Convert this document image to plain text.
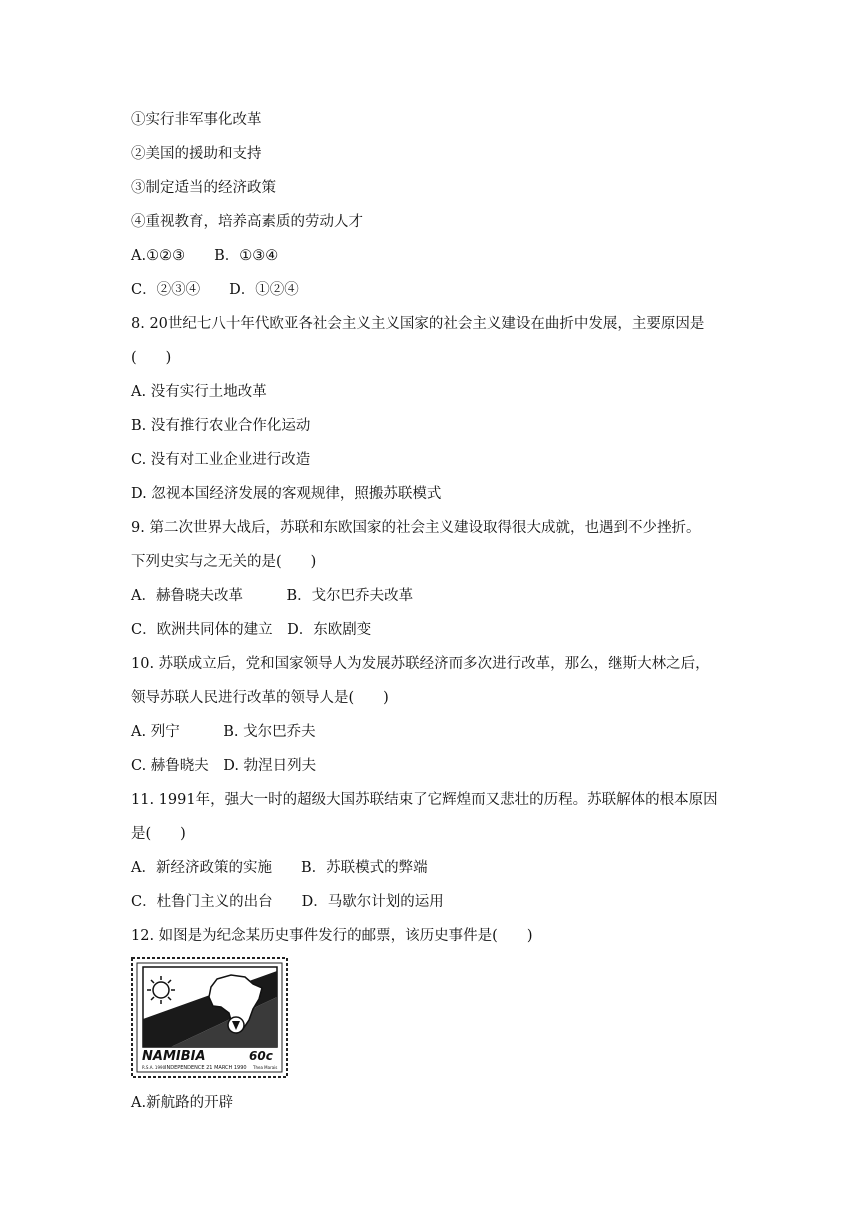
①实行非军事化改革
②美国的援助和支持
③制定适当的经济政策
④重视教育，培养高素质的劳动人才
A.①②③　　B．①③④
C．②③④　　D．①②④
8. 20世纪七八十年代欧亚各社会主义主义国家的社会主义建设在曲折中发展，主要原因是
(　　)
A. 没有实行土地改革
B. 没有推行农业合作化运动
C. 没有对工业企业进行改造
D. 忽视本国经济发展的客观规律，照搬苏联模式
9. 第二次世界大战后，苏联和东欧国家的社会主义建设取得很大成就，也遇到不少挫折。
下列史实与之无关的是(　　)
A．赫鲁晓夫改革　　　B．戈尔巴乔夫改革
C．欧洲共同体的建立　D．东欧剧变
10. 苏联成立后，党和国家领导人为发展苏联经济而多次进行改革，那么，继斯大林之后，
领导苏联人民进行改革的领导人是(　　)
A. 列宁　　　B. 戈尔巴乔夫
C. 赫鲁晓夫　D. 勃涅日列夫
11. 1991年，强大一时的超级大国苏联结束了它辉煌而又悲壮的历程。苏联解体的根本原因
是(　　)
A．新经济政策的实施　　B．苏联模式的弊端
C．杜鲁门主义的出台　　D．马歇尔计划的运用
12. 如图是为纪念某历史事件发行的邮票，该历史事件是(　　)
NAMIBIA	60c
R.S.A. 1990 INDEPENDENCE 21 MARCH 1990 Thea Marais
A.新航路的开辟
